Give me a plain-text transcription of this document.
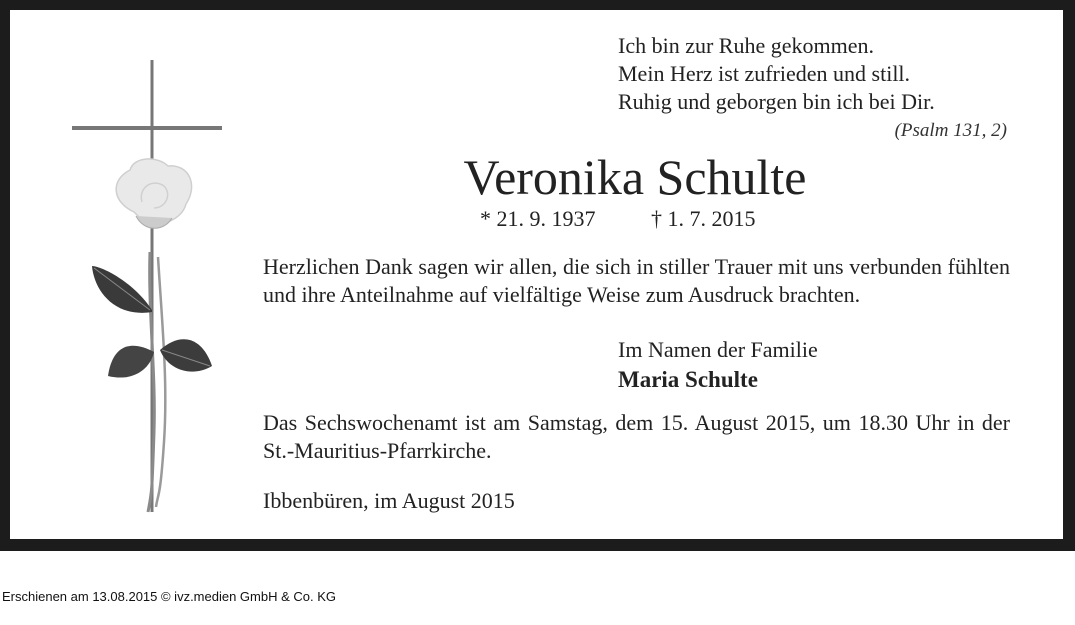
Ich bin zur Ruhe gekommen.
Mein Herz ist zufrieden und still.
Ruhig und geborgen bin ich bei Dir.
(Psalm 131, 2)
Veronika Schulte
* 21. 9. 1937	† 1. 7. 2015
Herzlichen Dank sagen wir allen, die sich in stiller Trauer mit uns verbunden fühlten und ihre Anteilnahme auf vielfältige Weise zum Ausdruck brachten.
Im Namen der Familie
Maria Schulte
Das Sechswochenamt ist am Samstag, dem 15. August 2015, um 18.30 Uhr in der St.-Mauritius-Pfarrkirche.
Ibbenbüren, im August 2015
Erschienen am 13.08.2015 © ivz.medien GmbH & Co. KG
